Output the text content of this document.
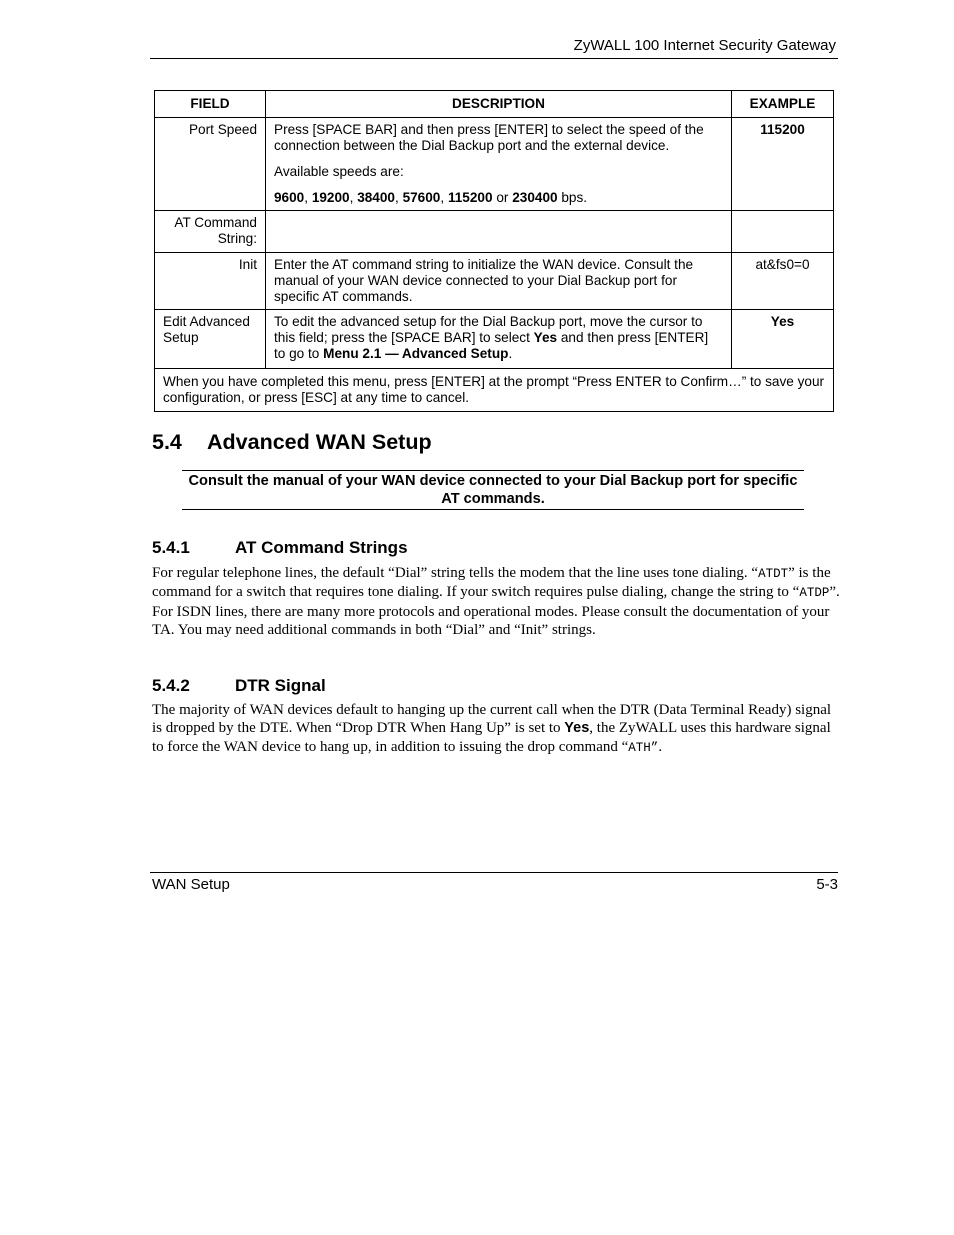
ZyWALL 100 Internet Security Gateway
FIELD	DESCRIPTION	EXAMPLE
Port Speed	Press [SPACE BAR] and then press [ENTER] to select the speed of the connection between the Dial Backup port and the external device.

Available speeds are:

9600, 19200, 38400, 57600, 115200 or 230400 bps.	115200
AT Command String:		
Init	Enter the AT command string to initialize the WAN device. Consult the manual of your WAN device connected to your Dial Backup port for specific AT commands.	at&fs0=0
Edit Advanced Setup	To edit the advanced setup for the Dial Backup port, move the cursor to this field; press the [SPACE BAR] to select Yes and then press [ENTER] to go to Menu 2.1 — Advanced Setup.	Yes
When you have completed this menu, press [ENTER] at the prompt “Press ENTER to Confirm…” to save your configuration, or press [ESC] at any time to cancel.		
5.4 Advanced WAN Setup
Consult the manual of your WAN device connected to your Dial Backup port for specific AT commands.
5.4.1	AT Command Strings

For regular telephone lines, the default “Dial” string tells the modem that the line uses tone dialing. “ATDT” is the command for a switch that requires tone dialing. If your switch requires pulse dialing, change the string to “ATDP”.

For ISDN lines, there are many more protocols and operational modes. Please consult the documentation of your TA. You may need additional commands in both “Dial” and “Init” strings.

5.4.2	DTR Signal

The majority of WAN devices default to hanging up the current call when the DTR (Data Terminal Ready) signal is dropped by the DTE. When “Drop DTR When Hang Up” is set to Yes, the ZyWALL uses this hardware signal to force the WAN device to hang up, in addition to issuing the drop command “ATH”.

WAN Setup	5-3
